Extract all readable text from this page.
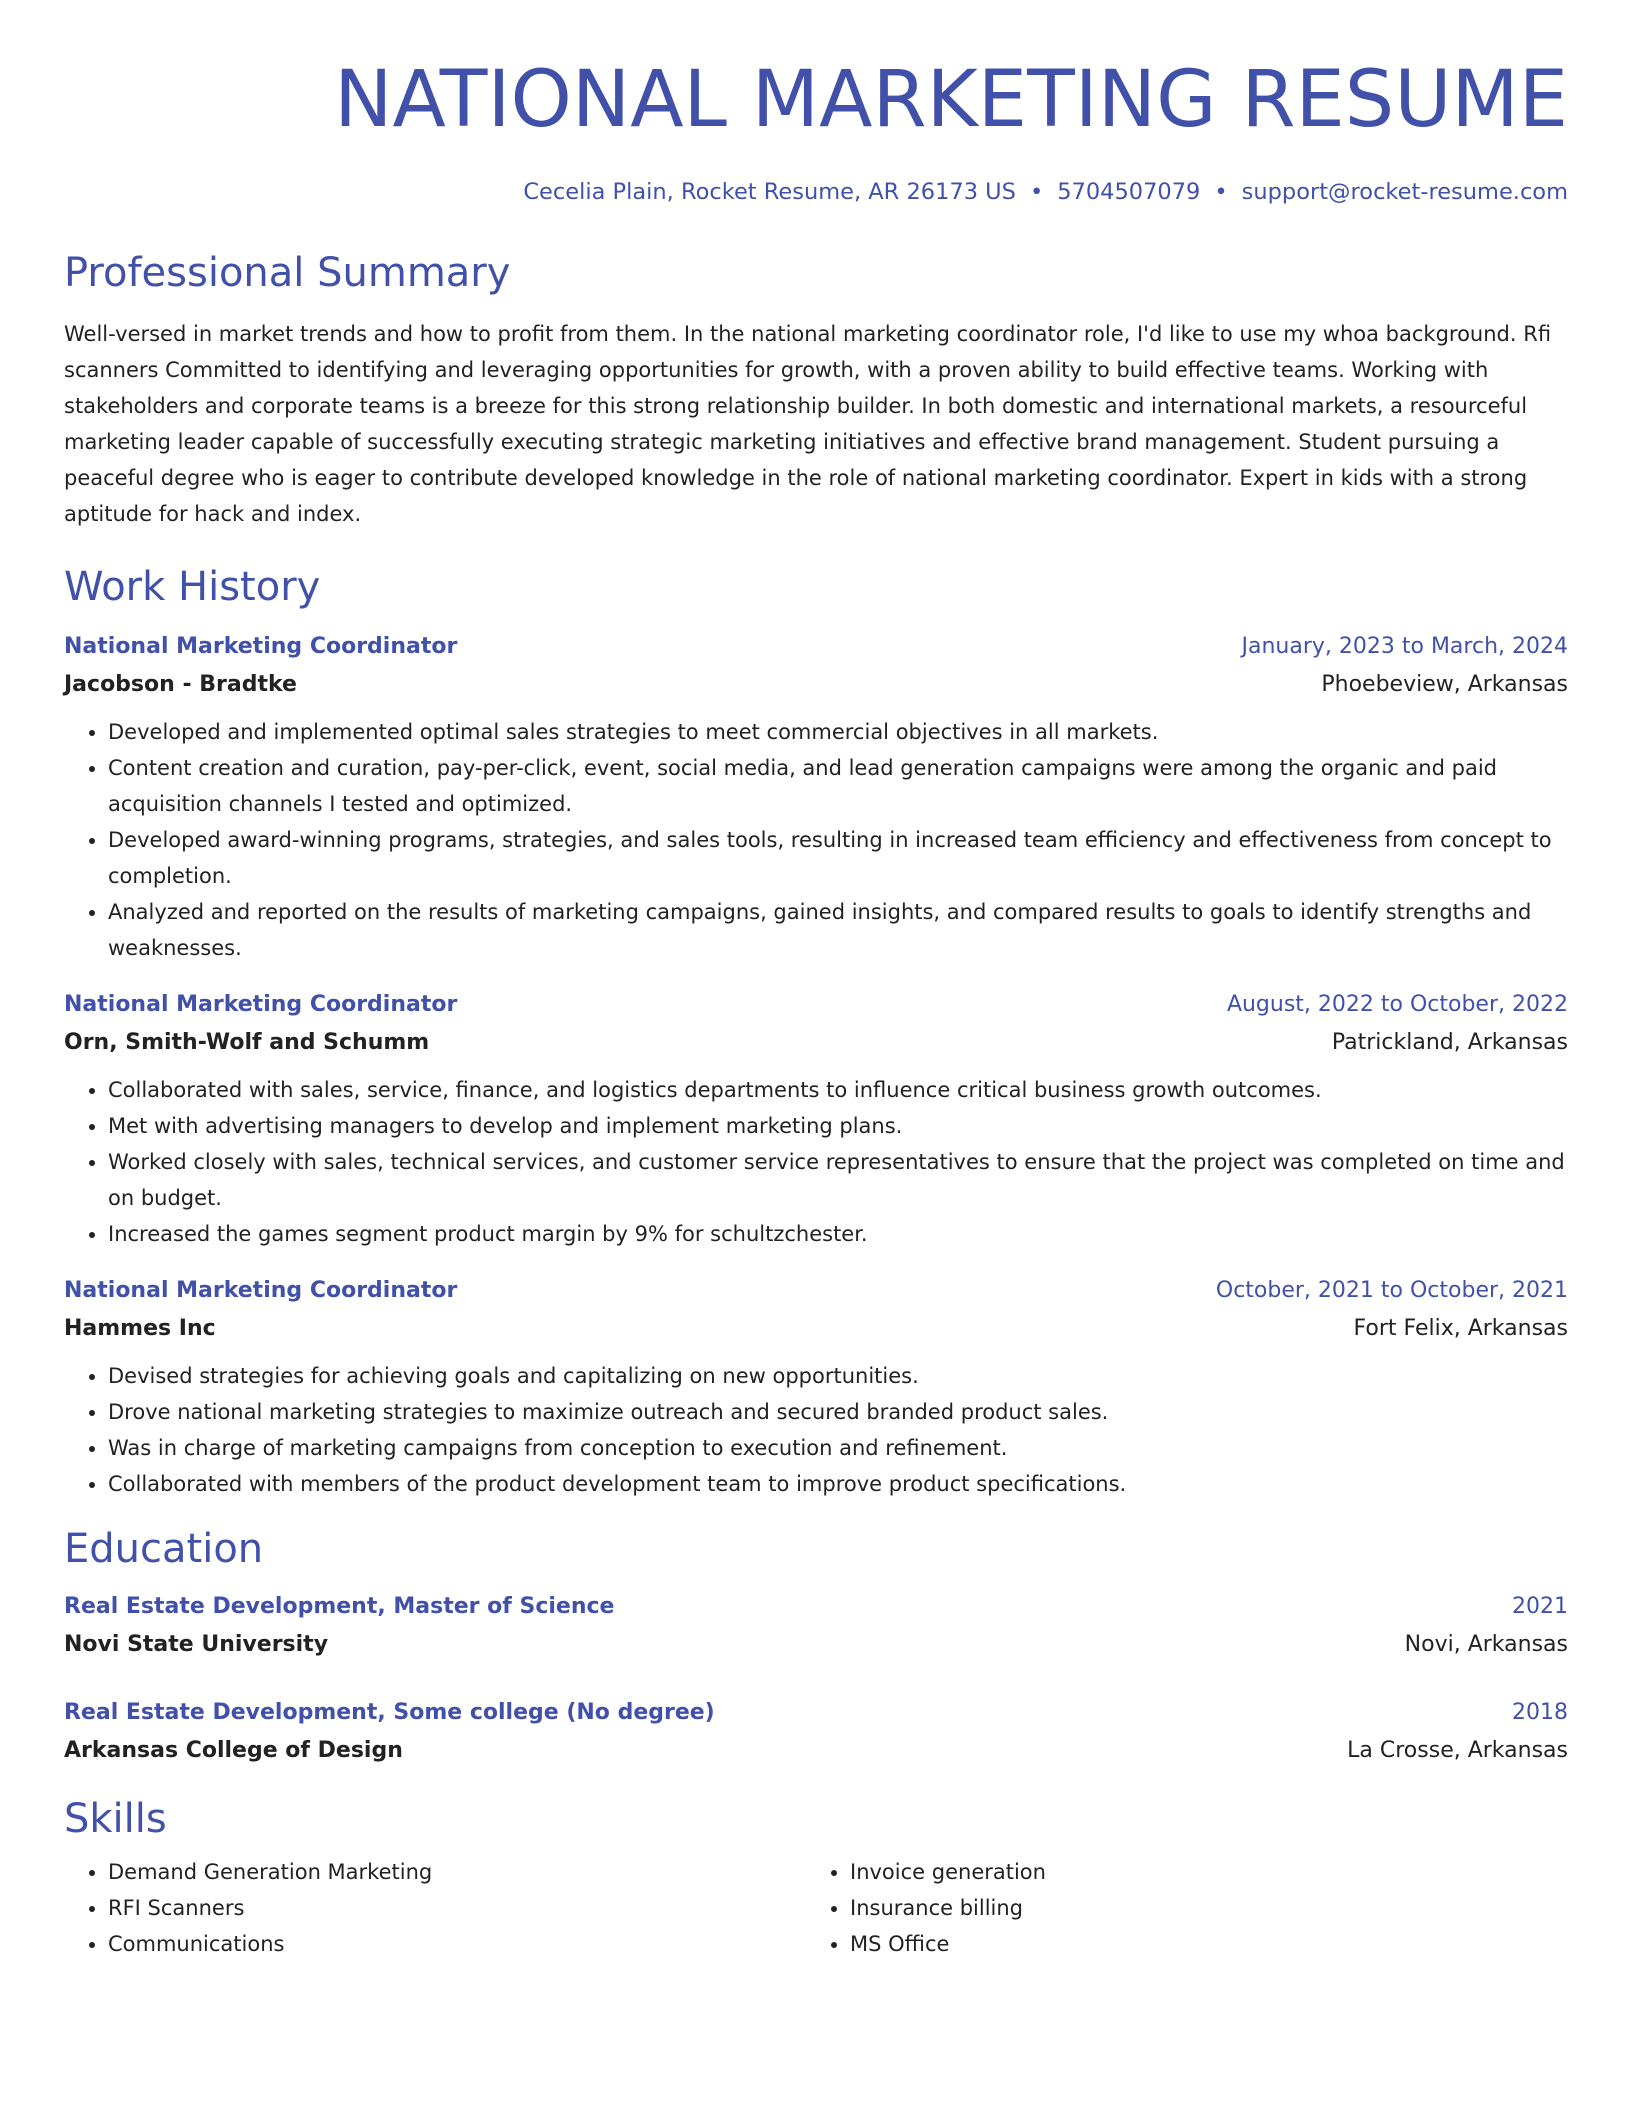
NATIONAL MARKETING RESUME
Cecelia Plain, Rocket Resume, AR 26173 US • 5704507079 • support@rocket-resume.com
Professional Summary
Well-versed in market trends and how to profit from them. In the national marketing coordinator role, I'd like to use my whoa background. Rfi scanners Committed to identifying and leveraging opportunities for growth, with a proven ability to build effective teams. Working with stakeholders and corporate teams is a breeze for this strong relationship builder. In both domestic and international markets, a resourceful marketing leader capable of successfully executing strategic marketing initiatives and effective brand management. Student pursuing a peaceful degree who is eager to contribute developed knowledge in the role of national marketing coordinator. Expert in kids with a strong aptitude for hack and index.
Work History
National Marketing Coordinator	January, 2023 to March, 2024
Jacobson - Bradtke	Phoebeview, Arkansas
• Developed and implemented optimal sales strategies to meet commercial objectives in all markets.
• Content creation and curation, pay-per-click, event, social media, and lead generation campaigns were among the organic and paid acquisition channels I tested and optimized.
• Developed award-winning programs, strategies, and sales tools, resulting in increased team efficiency and effectiveness from concept to completion.
• Analyzed and reported on the results of marketing campaigns, gained insights, and compared results to goals to identify strengths and weaknesses.
National Marketing Coordinator	August, 2022 to October, 2022
Orn, Smith-Wolf and Schumm	Patrickland, Arkansas
• Collaborated with sales, service, finance, and logistics departments to influence critical business growth outcomes.
• Met with advertising managers to develop and implement marketing plans.
• Worked closely with sales, technical services, and customer service representatives to ensure that the project was completed on time and on budget.
• Increased the games segment product margin by 9% for schultzchester.
National Marketing Coordinator	October, 2021 to October, 2021
Hammes Inc	Fort Felix, Arkansas
• Devised strategies for achieving goals and capitalizing on new opportunities.
• Drove national marketing strategies to maximize outreach and secured branded product sales.
• Was in charge of marketing campaigns from conception to execution and refinement.
• Collaborated with members of the product development team to improve product specifications.
Education
Real Estate Development, Master of Science	2021
Novi State University	Novi, Arkansas
Real Estate Development, Some college (No degree)	2018
Arkansas College of Design	La Crosse, Arkansas
Skills
• Demand Generation Marketing
• RFI Scanners
• Communications
• Invoice generation
• Insurance billing
• MS Office
